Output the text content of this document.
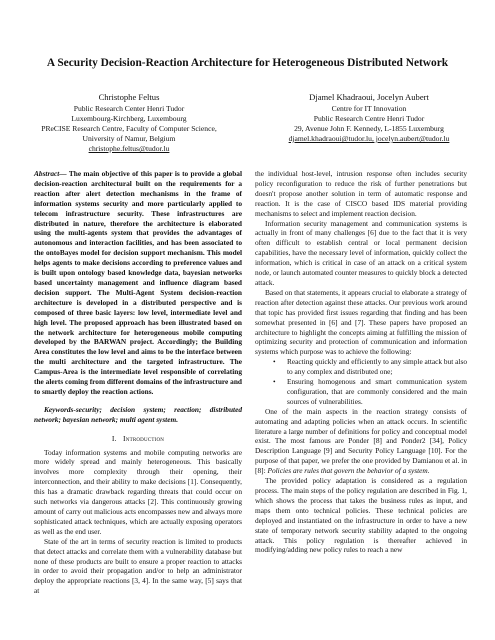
A Security Decision-Reaction Architecture for Heterogeneous Distributed Network
Christophe Feltus
Public Research Center Henri Tudor
Luxembourg-Kirchberg, Luxembourg
PReCISE Research Centre, Faculty of Computer Science,
University of Namur, Belgium
christophe.feltus@tudor.lu
Djamel Khadraoui, Jocelyn Aubert
Centre for IT Innovation
Public Research Centre Henri Tudor
29, Avenue John F. Kennedy, L-1855 Luxemburg
djamel.khadraoui@tudor.lu, jocelyn.aubert@tudor.lu

Abstract— The main objective of this paper is to provide a global decision-reaction architectural built on the requirements for a reaction after alert detection mechanisms in the frame of information systems security and more particularly applied to telecom infrastructure security. These infrastructures are distributed in nature, therefore the architecture is elaborated using the multi-agents system that provides the advantages of autonomous and interaction facilities, and has been associated to the ontoBayes model for decision support mechanism. This model helps agents to make decisions according to preference values and is built upon ontology based knowledge data, bayesian networks based uncertainty management and influence diagram based decision support. The Multi-Agent System decision-reaction architecture is developed in a distributed perspective and is composed of three basic layers: low level, intermediate level and high level. The proposed approach has been illustrated based on the network architecture for heterogeneous mobile computing developed by the BARWAN project. Accordingly; the Building Area constitutes the low level and aims to be the interface between the multi architecture and the targeted infrastructure. The Campus-Area is the intermediate level responsible of correlating the alerts coming from different domains of the infrastructure and to smartly deploy the reaction actions.

Keywords-security; decision system; reaction; distributed network; bayesian network; multi agent system.

I. Introduction

Today information systems and mobile computing networks are more widely spread and mainly heterogeneous. This basically involves more complexity through their opening, their interconnection, and their ability to make decisions [1]. Consequently, this has a dramatic drawback regarding threats that could occur on such networks via dangerous attacks [2]. This continuously growing amount of carry out malicious acts encompasses new and always more sophisticated attack techniques, which are actually exposing operators as well as the end user.

State of the art in terms of security reaction is limited to products that detect attacks and correlate them with a vulnerability database but none of these products are built to ensure a proper reaction to attacks in order to avoid their propagation and/or to help an administrator deploy the appropriate reactions [3, 4]. In the same way, [5] says that at

the individual host-level, intrusion response often includes security policy reconfiguration to reduce the risk of further penetrations but doesn't propose another solution in term of automatic response and reaction. It is the case of CISCO based IDS material providing mechanisms to select and implement reaction decision.

Information security management and communication systems is actually in front of many challenges [6] due to the fact that it is very often difficult to establish central or local permanent decision capabilities, have the necessary level of information, quickly collect the information, which is critical in case of an attack on a critical system node, or launch automated counter measures to quickly block a detected attack.

Based on that statements, it appears crucial to elaborate a strategy of reaction after detection against these attacks. Our previous work around that topic has provided first issues regarding that finding and has been somewhat presented in [6] and [7]. These papers have proposed an architecture to highlight the concepts aiming at fulfilling the mission of optimizing security and protection of communication and information systems which purpose was to achieve the following:

• Reacting quickly and efficiently to any simple attack but also to any complex and distributed one;
• Ensuring homogenous and smart communication system configuration, that are commonly considered and the main sources of vulnerabilities.

One of the main aspects in the reaction strategy consists of automating and adapting policies when an attack occurs. In scientific literature a large number of definitions for policy and conceptual model exist. The most famous are Ponder [8] and Ponder2 [34], Policy Description Language [9] and Security Policy Language [10]. For the purpose of that paper, we prefer the one provided by Damianou et al. in [8]: Policies are rules that govern the behavior of a system.

The provided policy adaptation is considered as a regulation process. The main steps of the policy regulation are described in Fig. 1, which shows the process that takes the business rules as input, and maps them onto technical policies. These technical policies are deployed and instantiated on the infrastructure in order to have a new state of temporary network security stability adapted to the ongoing attack. This policy regulation is thereafter achieved in modifying/adding new policy rules to reach a new
